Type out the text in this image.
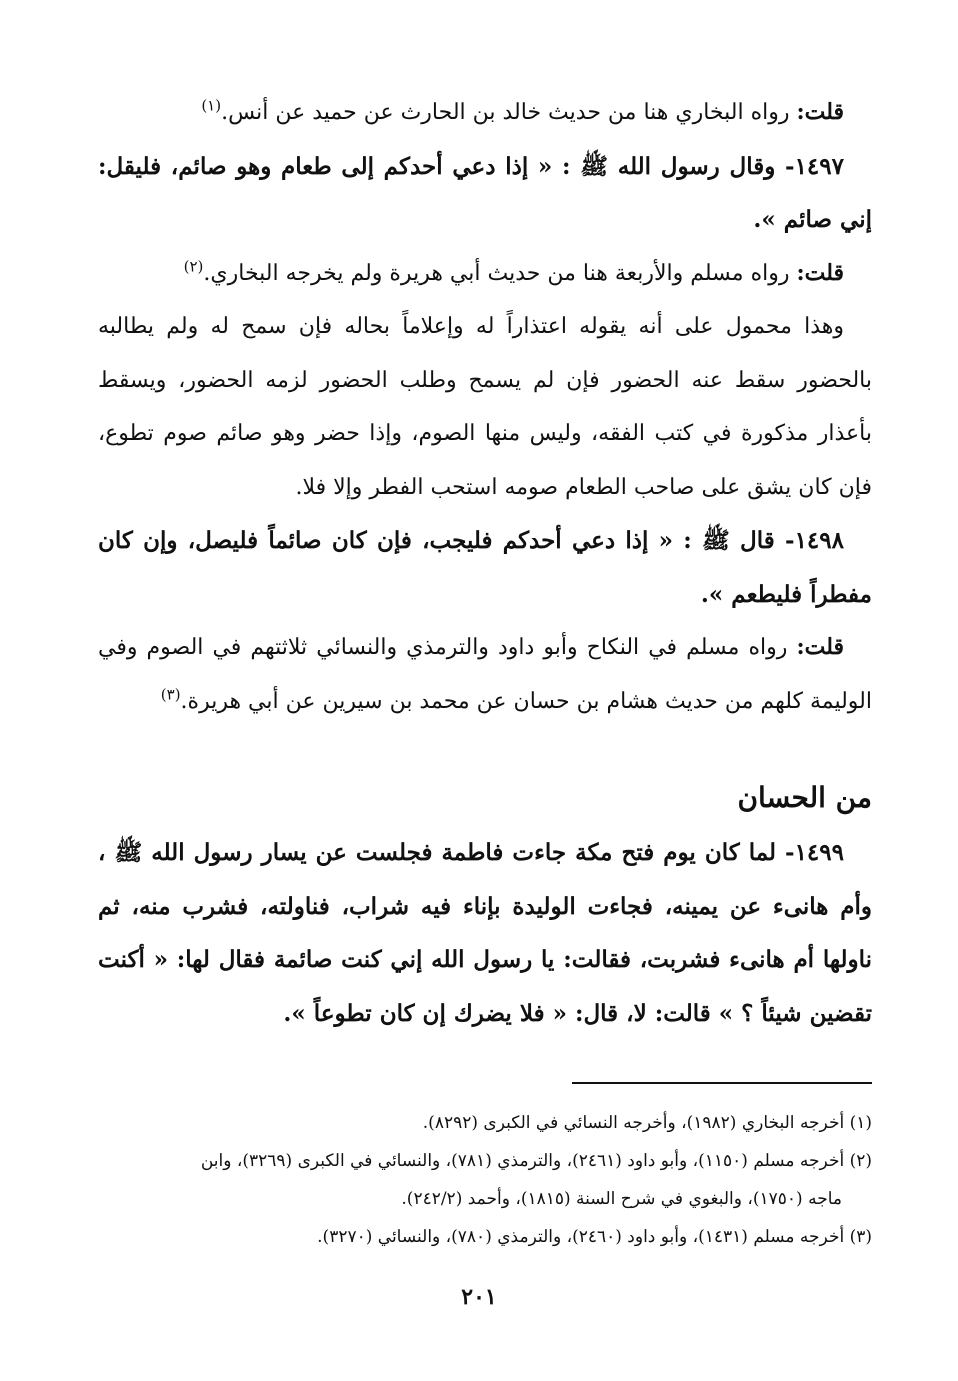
قلت: رواه البخاري هنا من حديث خالد بن الحارث عن حميد عن أنس.$^{(١)}$

١٤٩٧- وقال رسول الله ﷺ : « إذا دعي أحدكم إلى طعام وهو صائم، فليقل: إني صائم ».

قلت: رواه مسلم والأربعة هنا من حديث أبي هريرة ولم يخرجه البخاري.$^{(٢)}$

وهذا محمول على أنه يقوله اعتذاراً له وإعلاماً بحاله فإن سمح له ولم يطالبه بالحضور سقط عنه الحضور فإن لم يسمح وطلب الحضور لزمه الحضور، ويسقط بأعذار مذكورة في كتب الفقه، وليس منها الصوم، وإذا حضر وهو صائم صوم تطوع، فإن كان يشق على صاحب الطعام صومه استحب الفطر وإلا فلا.

١٤٩٨- قال ﷺ : « إذا دعي أحدكم فليجب، فإن كان صائماً فليصل، وإن كان مفطراً فليطعم ».

قلت: رواه مسلم في النكاح وأبو داود والترمذي والنسائي ثلاثتهم في الصوم وفي الوليمة كلهم من حديث هشام بن حسان عن محمد بن سيرين عن أبي هريرة.$^{(٣)}$

من الحسان

١٤٩٩- لما كان يوم فتح مكة جاءت فاطمة فجلست عن يسار رسول الله ﷺ ، وأم هانىء عن يمينه، فجاءت الوليدة بإناء فيه شراب، فناولته، فشرب منه، ثم ناولها أم هانىء فشربت، فقالت: يا رسول الله إني كنت صائمة فقال لها: « أكنت تقضين شيئاً ؟ » قالت: لا، قال: « فلا يضرك إن كان تطوعاً ».

(١) أخرجه البخاري (١٩٨٢)، وأخرجه النسائي في الكبرى (٨٢٩٢).

(٢) أخرجه مسلم (١١٥٠)، وأبو داود (٢٤٦١)، والترمذي (٧٨١)، والنسائي في الكبرى (٣٢٦٩)، وابن
ماجه (١٧٥٠)، والبغوي في شرح السنة (١٨١٥)، وأحمد (٢٤٢/٢).

(٣) أخرجه مسلم (١٤٣١)، وأبو داود (٢٤٦٠)، والترمذي (٧٨٠)، والنسائي (٣٢٧٠).

٢٠١
